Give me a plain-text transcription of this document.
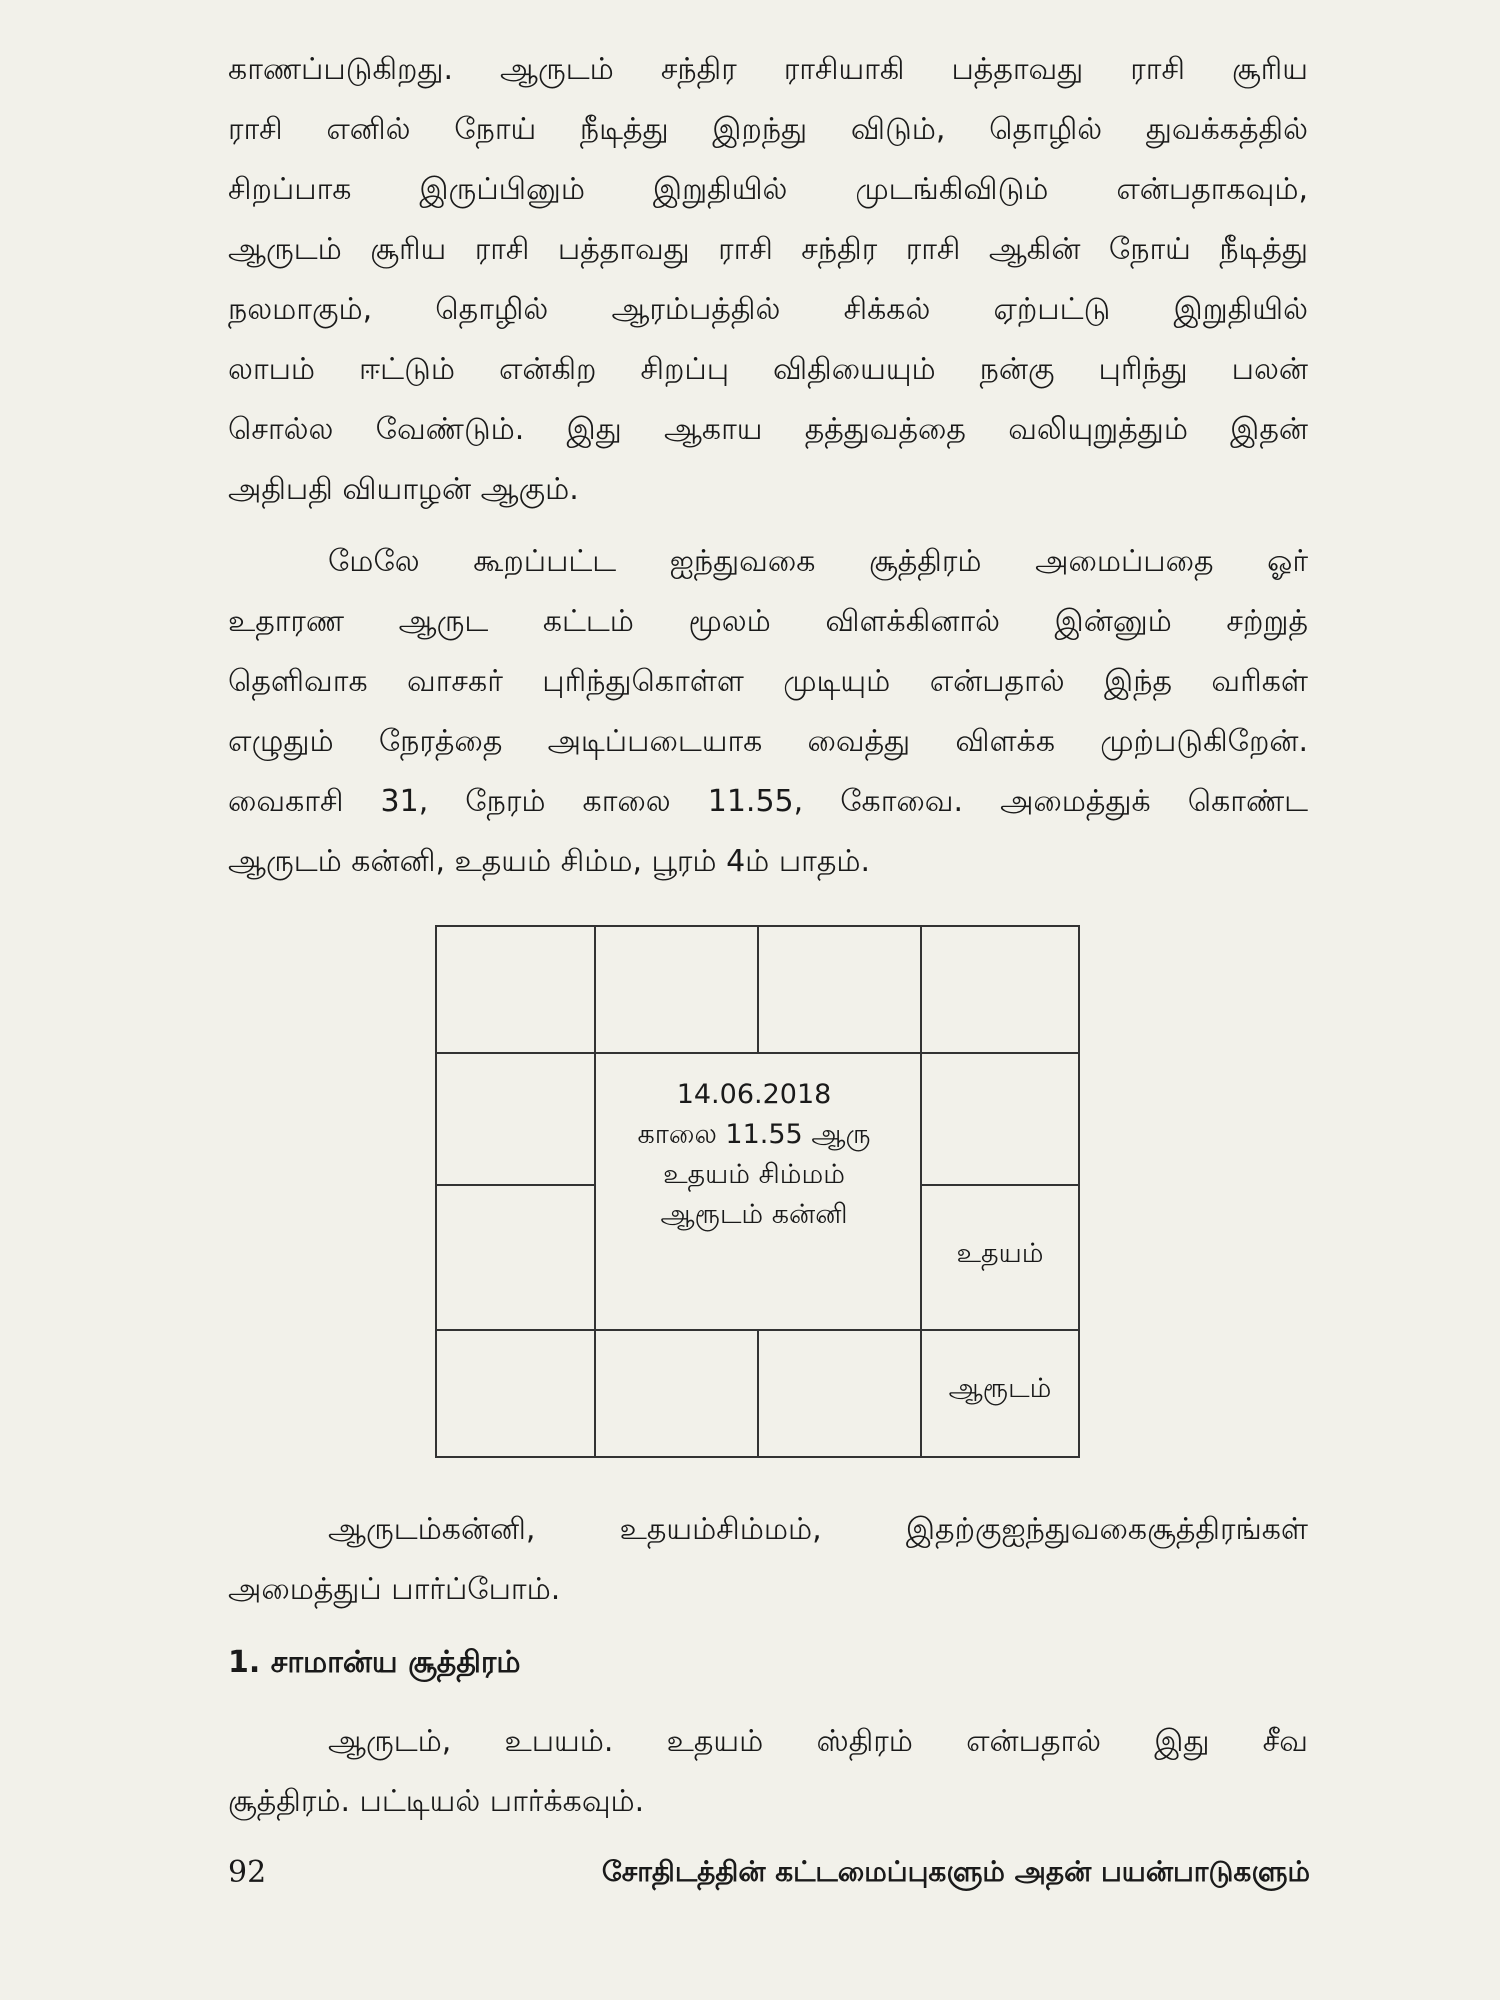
காணப்படுகிறது. ஆருடம் சந்திர ராசியாகி பத்தாவது ராசி சூரிய
ராசி எனில் நோய் நீடித்து இறந்து விடும், தொழில் துவக்கத்தில்
சிறப்பாக இருப்பினும் இறுதியில் முடங்கிவிடும் என்பதாகவும்,
ஆருடம் சூரிய ராசி பத்தாவது ராசி சந்திர ராசி ஆகின் நோய் நீடித்து
நலமாகும், தொழில் ஆரம்பத்தில் சிக்கல் ஏற்பட்டு இறுதியில்
லாபம் ஈட்டும் என்கிற சிறப்பு விதியையும் நன்கு புரிந்து பலன்
சொல்ல வேண்டும். இது ஆகாய தத்துவத்தை வலியுறுத்தும் இதன்
அதிபதி வியாழன் ஆகும்.
மேலே கூறப்பட்ட ஐந்துவகை சூத்திரம் அமைப்பதை ஓர்
உதாரண ஆருட கட்டம் மூலம் விளக்கினால் இன்னும் சற்றுத்
தெளிவாக வாசகர் புரிந்துகொள்ள முடியும் என்பதால் இந்த வரிகள்
எழுதும் நேரத்தை அடிப்படையாக வைத்து விளக்க முற்படுகிறேன்.
வைகாசி 31, நேரம் காலை 11.55, கோவை. அமைத்துக் கொண்ட
ஆருடம் கன்னி, உதயம் சிம்ம, பூரம் 4ம் பாதம்.
14.06.2018
காலை 11.55 ஆரு
உதயம் சிம்மம்
ஆரூடம் கன்னி
உதயம்
ஆரூடம்
ஆருடம்கன்னி, உதயம்சிம்மம், இதற்குஐந்துவகைசூத்திரங்கள்
அமைத்துப் பார்ப்போம்.
1. சாமான்ய சூத்திரம்
ஆருடம், உபயம். உதயம் ஸ்திரம் என்பதால் இது சீவ
சூத்திரம். பட்டியல் பார்க்கவும்.
92	சோதிடத்தின் கட்டமைப்புகளும் அதன் பயன்பாடுகளும்
